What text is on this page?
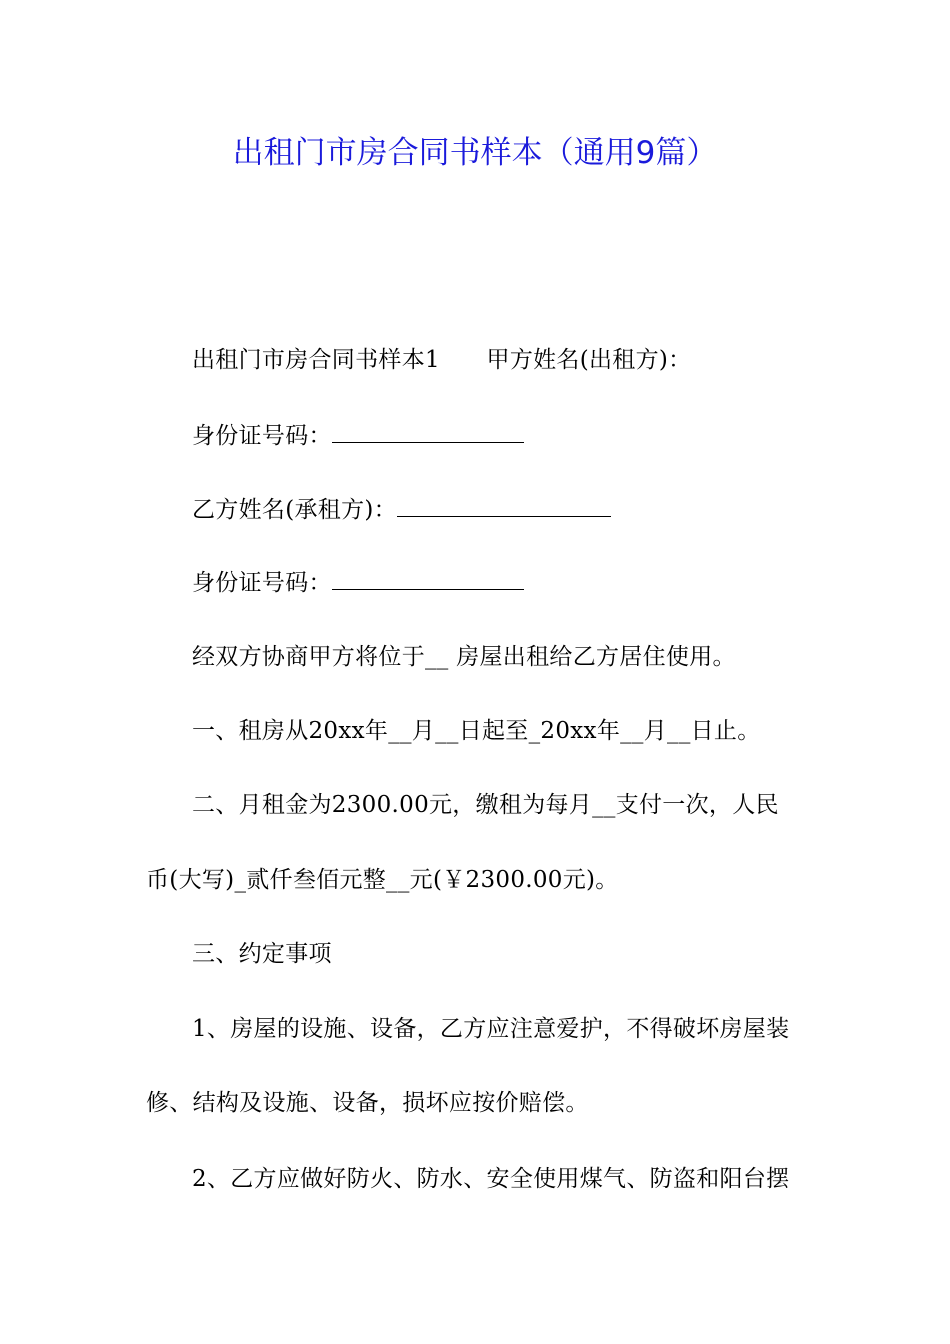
出租门市房合同书样本（通用9篇）
出租门市房合同书样本1　　甲方姓名(出租方)：
身份证号码：
乙方姓名(承租方)：
身份证号码：
经双方协商甲方将位于__ 房屋出租给乙方居住使用。
一、租房从20xx年__月__日起至_20xx年__月__日止。
二、月租金为2300.00元，缴租为每月__支付一次，人民
币(大写)_贰仟叁佰元整__元(￥2300.00元)。
三、约定事项
1、房屋的设施、设备，乙方应注意爱护，不得破坏房屋装
修、结构及设施、设备，损坏应按价赔偿。
2、乙方应做好防火、防水、安全使用煤气、防盗和阳台摆
